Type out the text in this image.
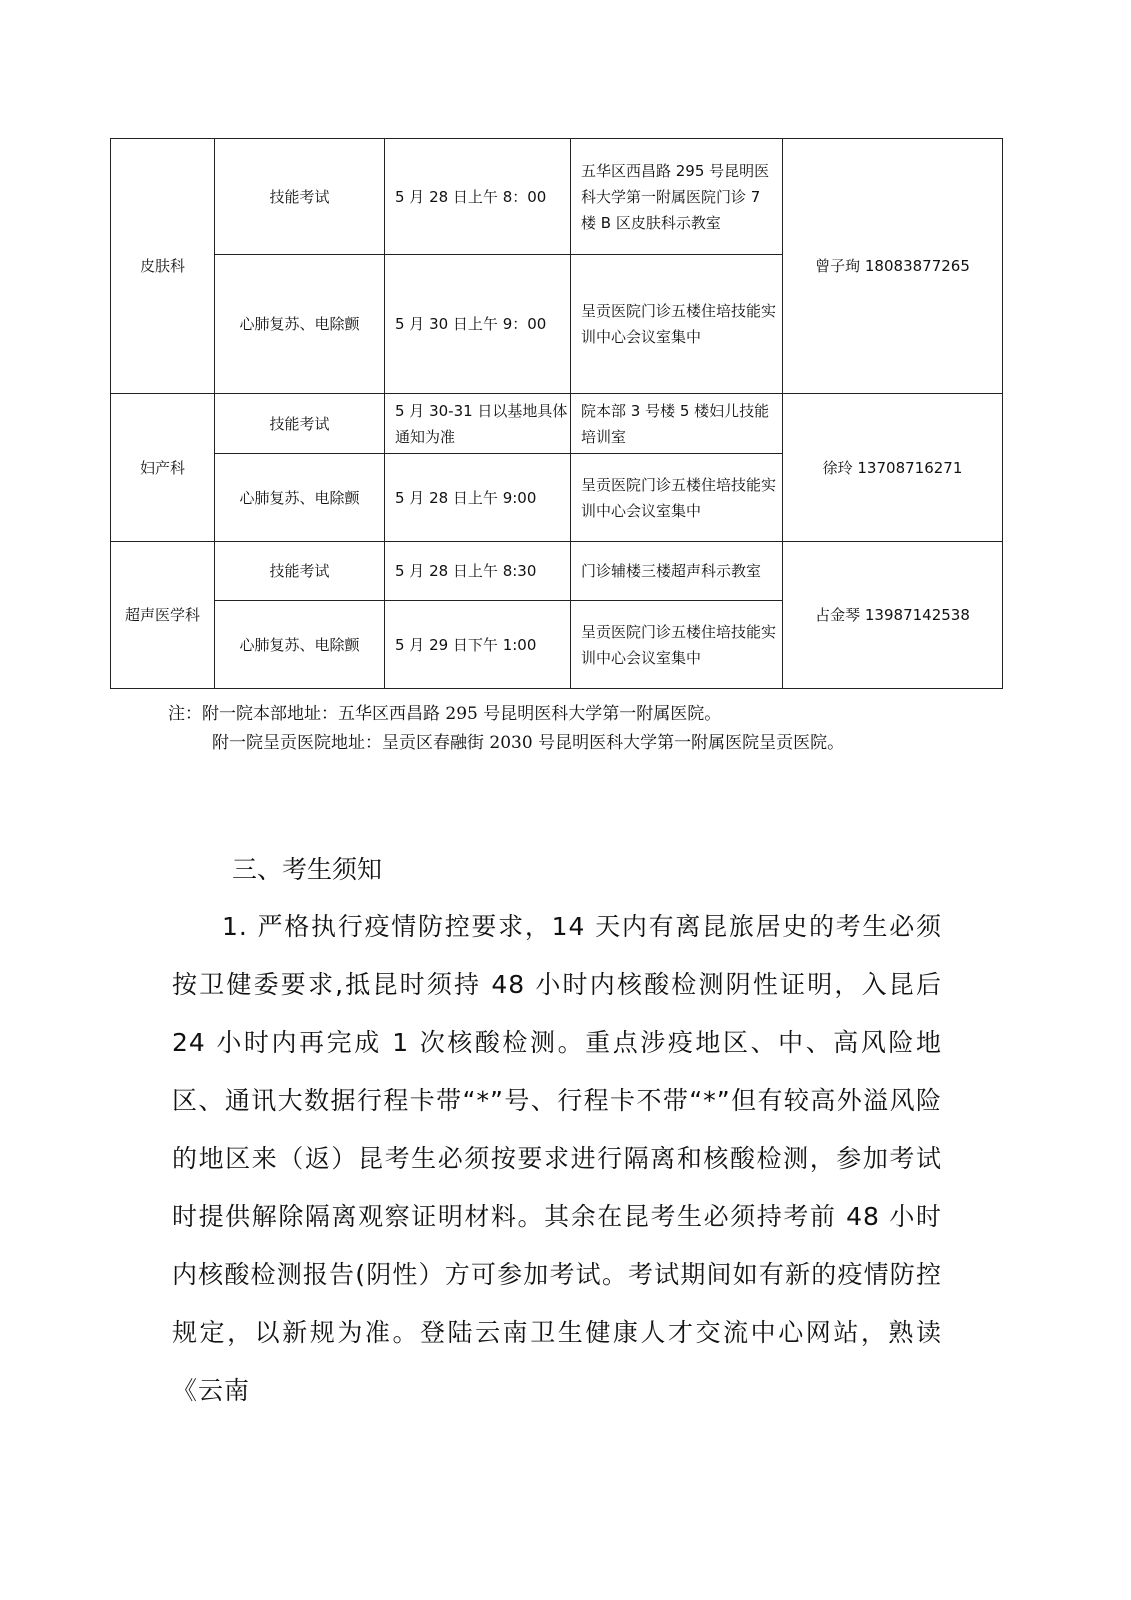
皮肤科	技能考试	5 月 28 日上午 8：00	五华区西昌路 295 号昆明医科大学第一附属医院门诊 7 楼 B 区皮肤科示教室	曾子珣 18083877265
	心肺复苏、电除颤	5 月 30 日上午 9：00	呈贡医院门诊五楼住培技能实训中心会议室集中	
妇产科	技能考试	5 月 30-31 日以基地具体通知为准	院本部 3 号楼 5 楼妇儿技能培训室	徐玲 13708716271
	心肺复苏、电除颤	5 月 28 日上午 9:00	呈贡医院门诊五楼住培技能实训中心会议室集中	
超声医学科	技能考试	5 月 28 日上午 8:30	门诊辅楼三楼超声科示教室	占金琴 13987142538
	心肺复苏、电除颤	5 月 29 日下午 1:00	呈贡医院门诊五楼住培技能实训中心会议室集中	

注：附一院本部地址：五华区西昌路 295 号昆明医科大学第一附属医院。

附一院呈贡医院地址：呈贡区春融街 2030 号昆明医科大学第一附属医院呈贡医院。

三、考生须知

1. 严格执行疫情防控要求，14 天内有离昆旅居史的考生必须按卫健委要求,抵昆时须持 48 小时内核酸检测阴性证明，入昆后 24 小时内再完成 1 次核酸检测。重点涉疫地区、中、高风险地区、通讯大数据行程卡带“*”号、行程卡不带“*”但有较高外溢风险的地区来（返）昆考生必须按要求进行隔离和核酸检测，参加考试时提供解除隔离观察证明材料。其余在昆考生必须持考前 48 小时内核酸检测报告(阴性）方可参加考试。考试期间如有新的疫情防控规定，以新规为准。登陆云南卫生健康人才交流中心网站，熟读《云南
